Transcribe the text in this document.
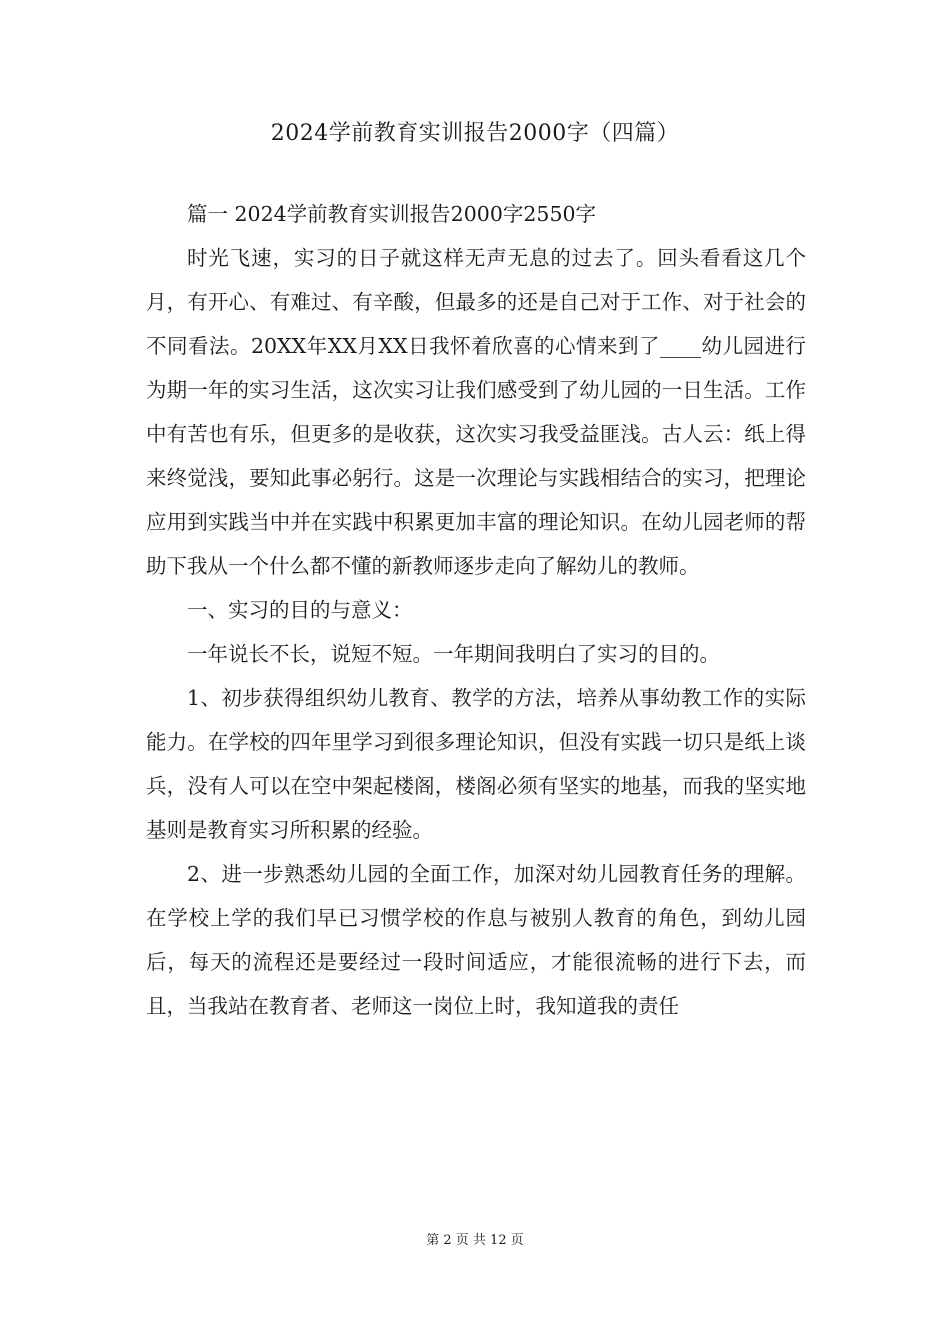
2024学前教育实训报告2000字（四篇）

篇一 2024学前教育实训报告2000字2550字

时光飞速，实习的日子就这样无声无息的过去了。回头看看这几个月，有开心、有难过、有辛酸，但最多的还是自己对于工作、对于社会的不同看法。20XX年XX月XX日我怀着欣喜的心情来到了____幼儿园进行为期一年的实习生活，这次实习让我们感受到了幼儿园的一日生活。工作中有苦也有乐，但更多的是收获，这次实习我受益匪浅。古人云：纸上得来终觉浅，要知此事必躬行。这是一次理论与实践相结合的实习，把理论应用到实践当中并在实践中积累更加丰富的理论知识。在幼儿园老师的帮助下我从一个什么都不懂的新教师逐步走向了解幼儿的教师。

一、实习的目的与意义：

一年说长不长，说短不短。一年期间我明白了实习的目的。

1、初步获得组织幼儿教育、教学的方法，培养从事幼教工作的实际能力。在学校的四年里学习到很多理论知识，但没有实践一切只是纸上谈兵，没有人可以在空中架起楼阁，楼阁必须有坚实的地基，而我的坚实地基则是教育实习所积累的经验。

2、进一步熟悉幼儿园的全面工作，加深对幼儿园教育任务的理解。在学校上学的我们早已习惯学校的作息与被别人教育的角色，到幼儿园后，每天的流程还是要经过一段时间适应，才能很流畅的进行下去，而且，当我站在教育者、老师这一岗位上时，我知道我的责任

第 2 页 共 12 页
